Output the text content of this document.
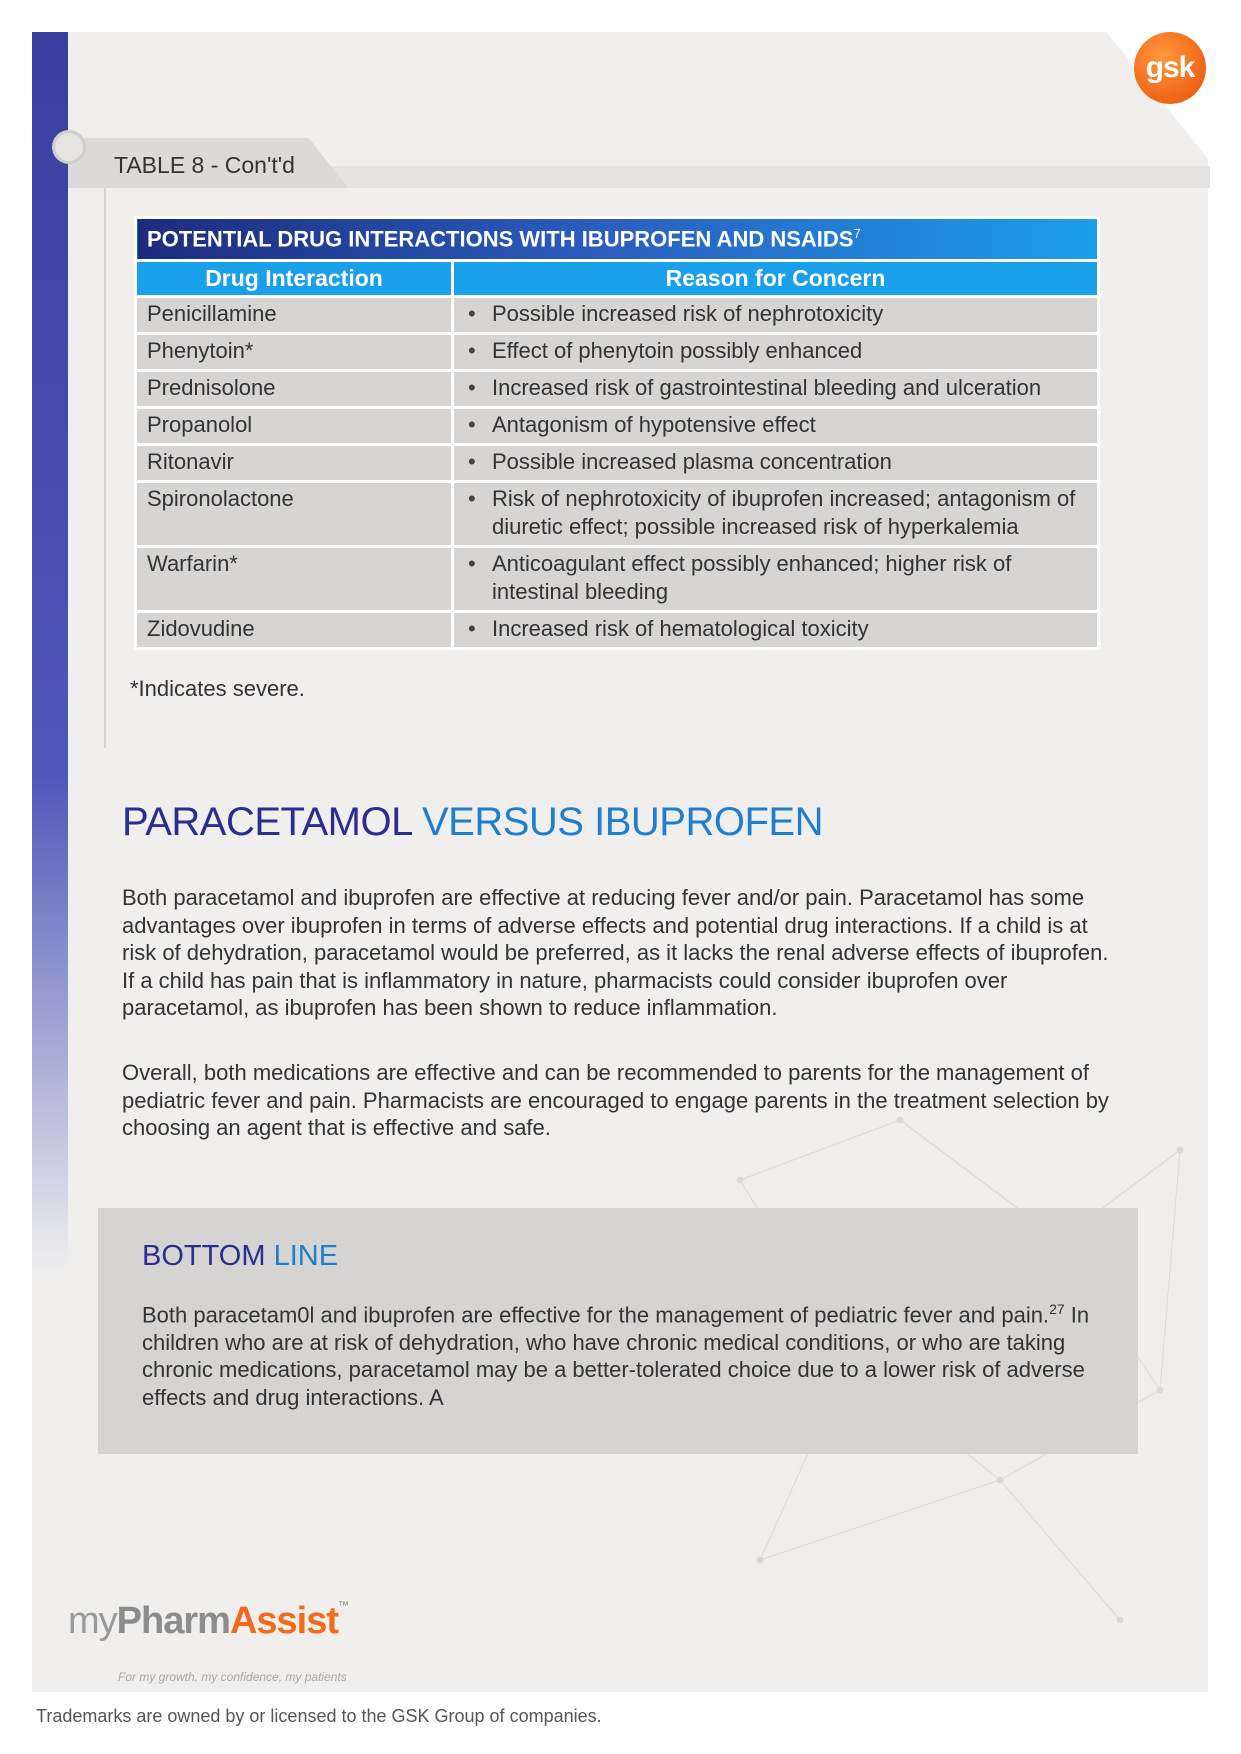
gsk
TABLE 8 - Con't'd
POTENTIAL DRUG INTERACTIONS WITH IBUPROFEN AND NSAIDS$^7$
Drug Interaction	Reason for Concern
Penicillamine	• Possible increased risk of nephrotoxicity
Phenytoin*	• Effect of phenytoin possibly enhanced
Prednisolone	• Increased risk of gastrointestinal bleeding and ulceration
Propanolol	• Antagonism of hypotensive effect
Ritonavir	• Possible increased plasma concentration
Spironolactone	• Risk of nephrotoxicity of ibuprofen increased; antagonism of diuretic effect; possible increased risk of hyperkalemia
Warfarin*	• Anticoagulant effect possibly enhanced; higher risk of intestinal bleeding
Zidovudine	• Increased risk of hematological toxicity
*Indicates severe.
PARACETAMOL VERSUS IBUPROFEN
Both paracetamol and ibuprofen are effective at reducing fever and/or pain. Paracetamol has some advantages over ibuprofen in terms of adverse effects and potential drug interactions. If a child is at risk of dehydration, paracetamol would be preferred, as it lacks the renal adverse effects of ibuprofen. If a child has pain that is inflammatory in nature, pharmacists could consider ibuprofen over paracetamol, as ibuprofen has been shown to reduce inflammation.
Overall, both medications are effective and can be recommended to parents for the management of pediatric fever and pain. Pharmacists are encouraged to engage parents in the treatment selection by choosing an agent that is effective and safe.
BOTTOM LINE
Both paracetam0l and ibuprofen are effective for the management of pediatric fever and pain.$^{27}$ In children who are at risk of dehydration, who have chronic medical conditions, or who are taking chronic medications, paracetamol may be a better-tolerated choice due to a lower risk of adverse effects and drug interactions. A
myPharmAssist™
For my growth, my confidence, my patients
Trademarks are owned by or licensed to the GSK Group of companies.
